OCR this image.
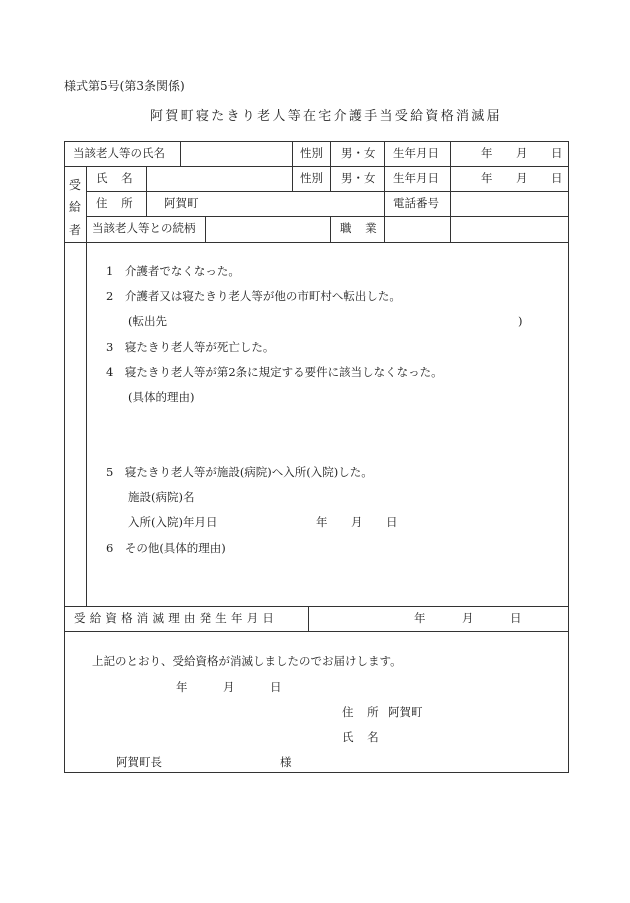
様式第5号(第3条関係)
阿賀町寝たきり老人等在宅介護手当受給資格消滅届
当該老人等の氏名	性別 男・女 生年月日	年 月 日
受
給
者
氏 名	性別 男・女 生年月日	年 月 日
住 所 阿賀町	電話番号
当該老人等との続柄	職 業
1　介護者でなくなった。
2　介護者又は寝たきり老人等が他の市町村へ転出した。
(転出先	)
3　寝たきり老人等が死亡した。
4　寝たきり老人等が第2条に規定する要件に該当しなくなった。
(具体的理由)
5　寝たきり老人等が施設(病院)へ入所(入院)した。
施設(病院)名
入所(入院)年月日	年 月 日
6　その他(具体的理由)
受給資格消滅理由発生年月日	年	月	日
上記のとおり、受給資格が消滅しましたのでお届けします。
年	月	日
住 所 阿賀町
氏 名
阿賀町長	様
